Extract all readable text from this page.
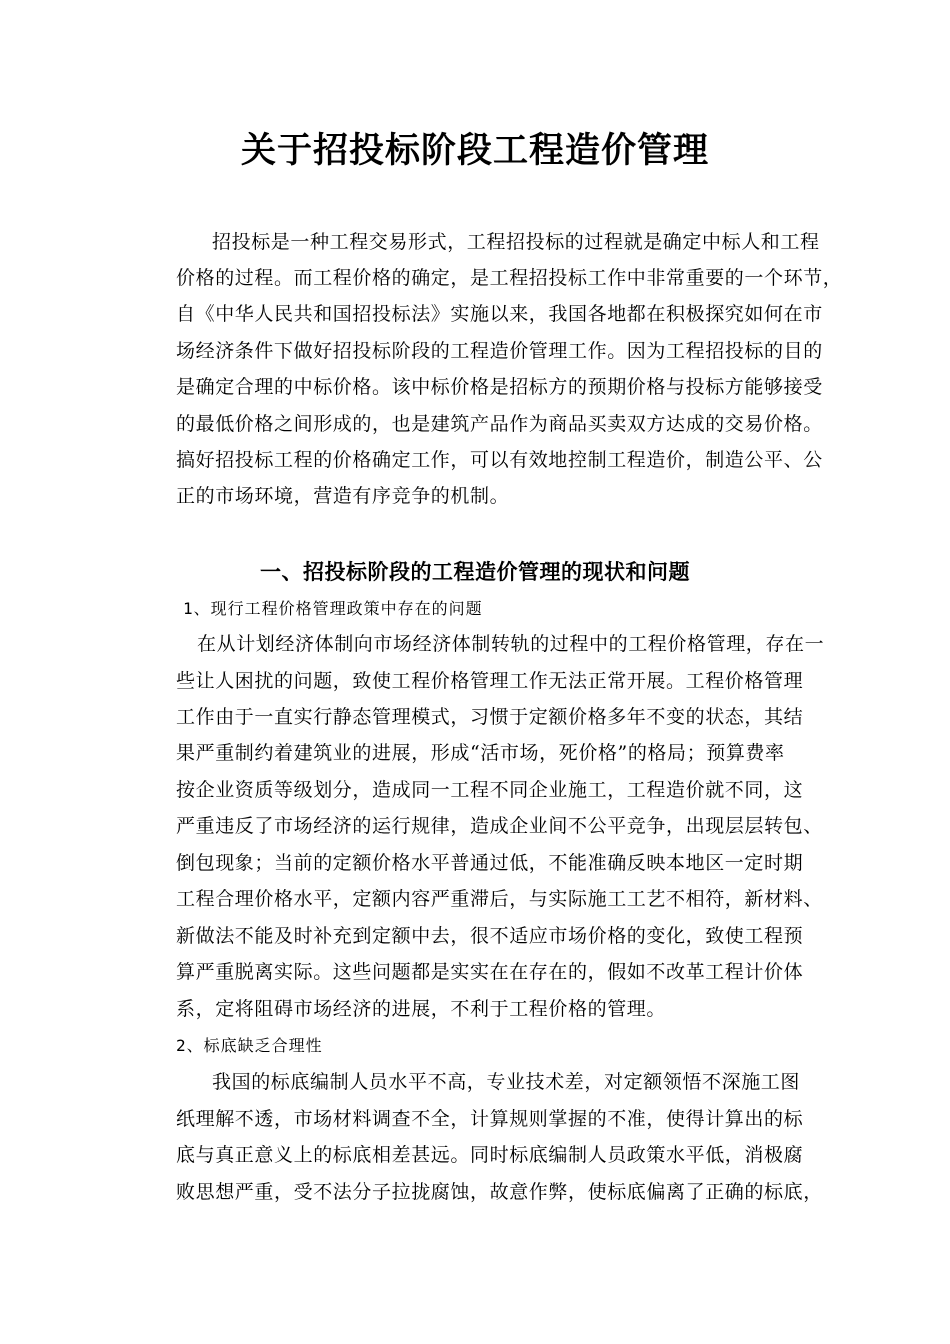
关于招投标阶段工程造价管理
招投标是一种工程交易形式，工程招投标的过程就是确定中标人和工程
价格的过程。而工程价格的确定，是工程招投标工作中非常重要的一个环节，
自《中华人民共和国招投标法》实施以来，我国各地都在积极探究如何在市
场经济条件下做好招投标阶段的工程造价管理工作。因为工程招投标的目的
是确定合理的中标价格。该中标价格是招标方的预期价格与投标方能够接受
的最低价格之间形成的，也是建筑产品作为商品买卖双方达成的交易价格。
搞好招投标工程的价格确定工作，可以有效地控制工程造价，制造公平、公
正的市场环境，营造有序竞争的机制。
一、招投标阶段的工程造价管理的现状和问题
1、现行工程价格管理政策中存在的问题
在从计划经济体制向市场经济体制转轨的过程中的工程价格管理，存在一
些让人困扰的问题，致使工程价格管理工作无法正常开展。工程价格管理
工作由于一直实行静态管理模式，习惯于定额价格多年不变的状态，其结
果严重制约着建筑业的进展，形成“活市场，死价格”的格局；预算费率
按企业资质等级划分，造成同一工程不同企业施工，工程造价就不同，这
严重违反了市场经济的运行规律，造成企业间不公平竞争，出现层层转包、
倒包现象；当前的定额价格水平普通过低，不能准确反映本地区一定时期
工程合理价格水平，定额内容严重滞后，与实际施工工艺不相符，新材料、
新做法不能及时补充到定额中去，很不适应市场价格的变化，致使工程预
算严重脱离实际。这些问题都是实实在在存在的，假如不改革工程计价体
系，定将阻碍市场经济的进展，不利于工程价格的管理。
2、标底缺乏合理性
我国的标底编制人员水平不高，专业技术差，对定额领悟不深施工图
纸理解不透，市场材料调查不全，计算规则掌握的不准，使得计算出的标
底与真正意义上的标底相差甚远。同时标底编制人员政策水平低，消极腐
败思想严重，受不法分子拉拢腐蚀，故意作弊，使标底偏离了正确的标底，
